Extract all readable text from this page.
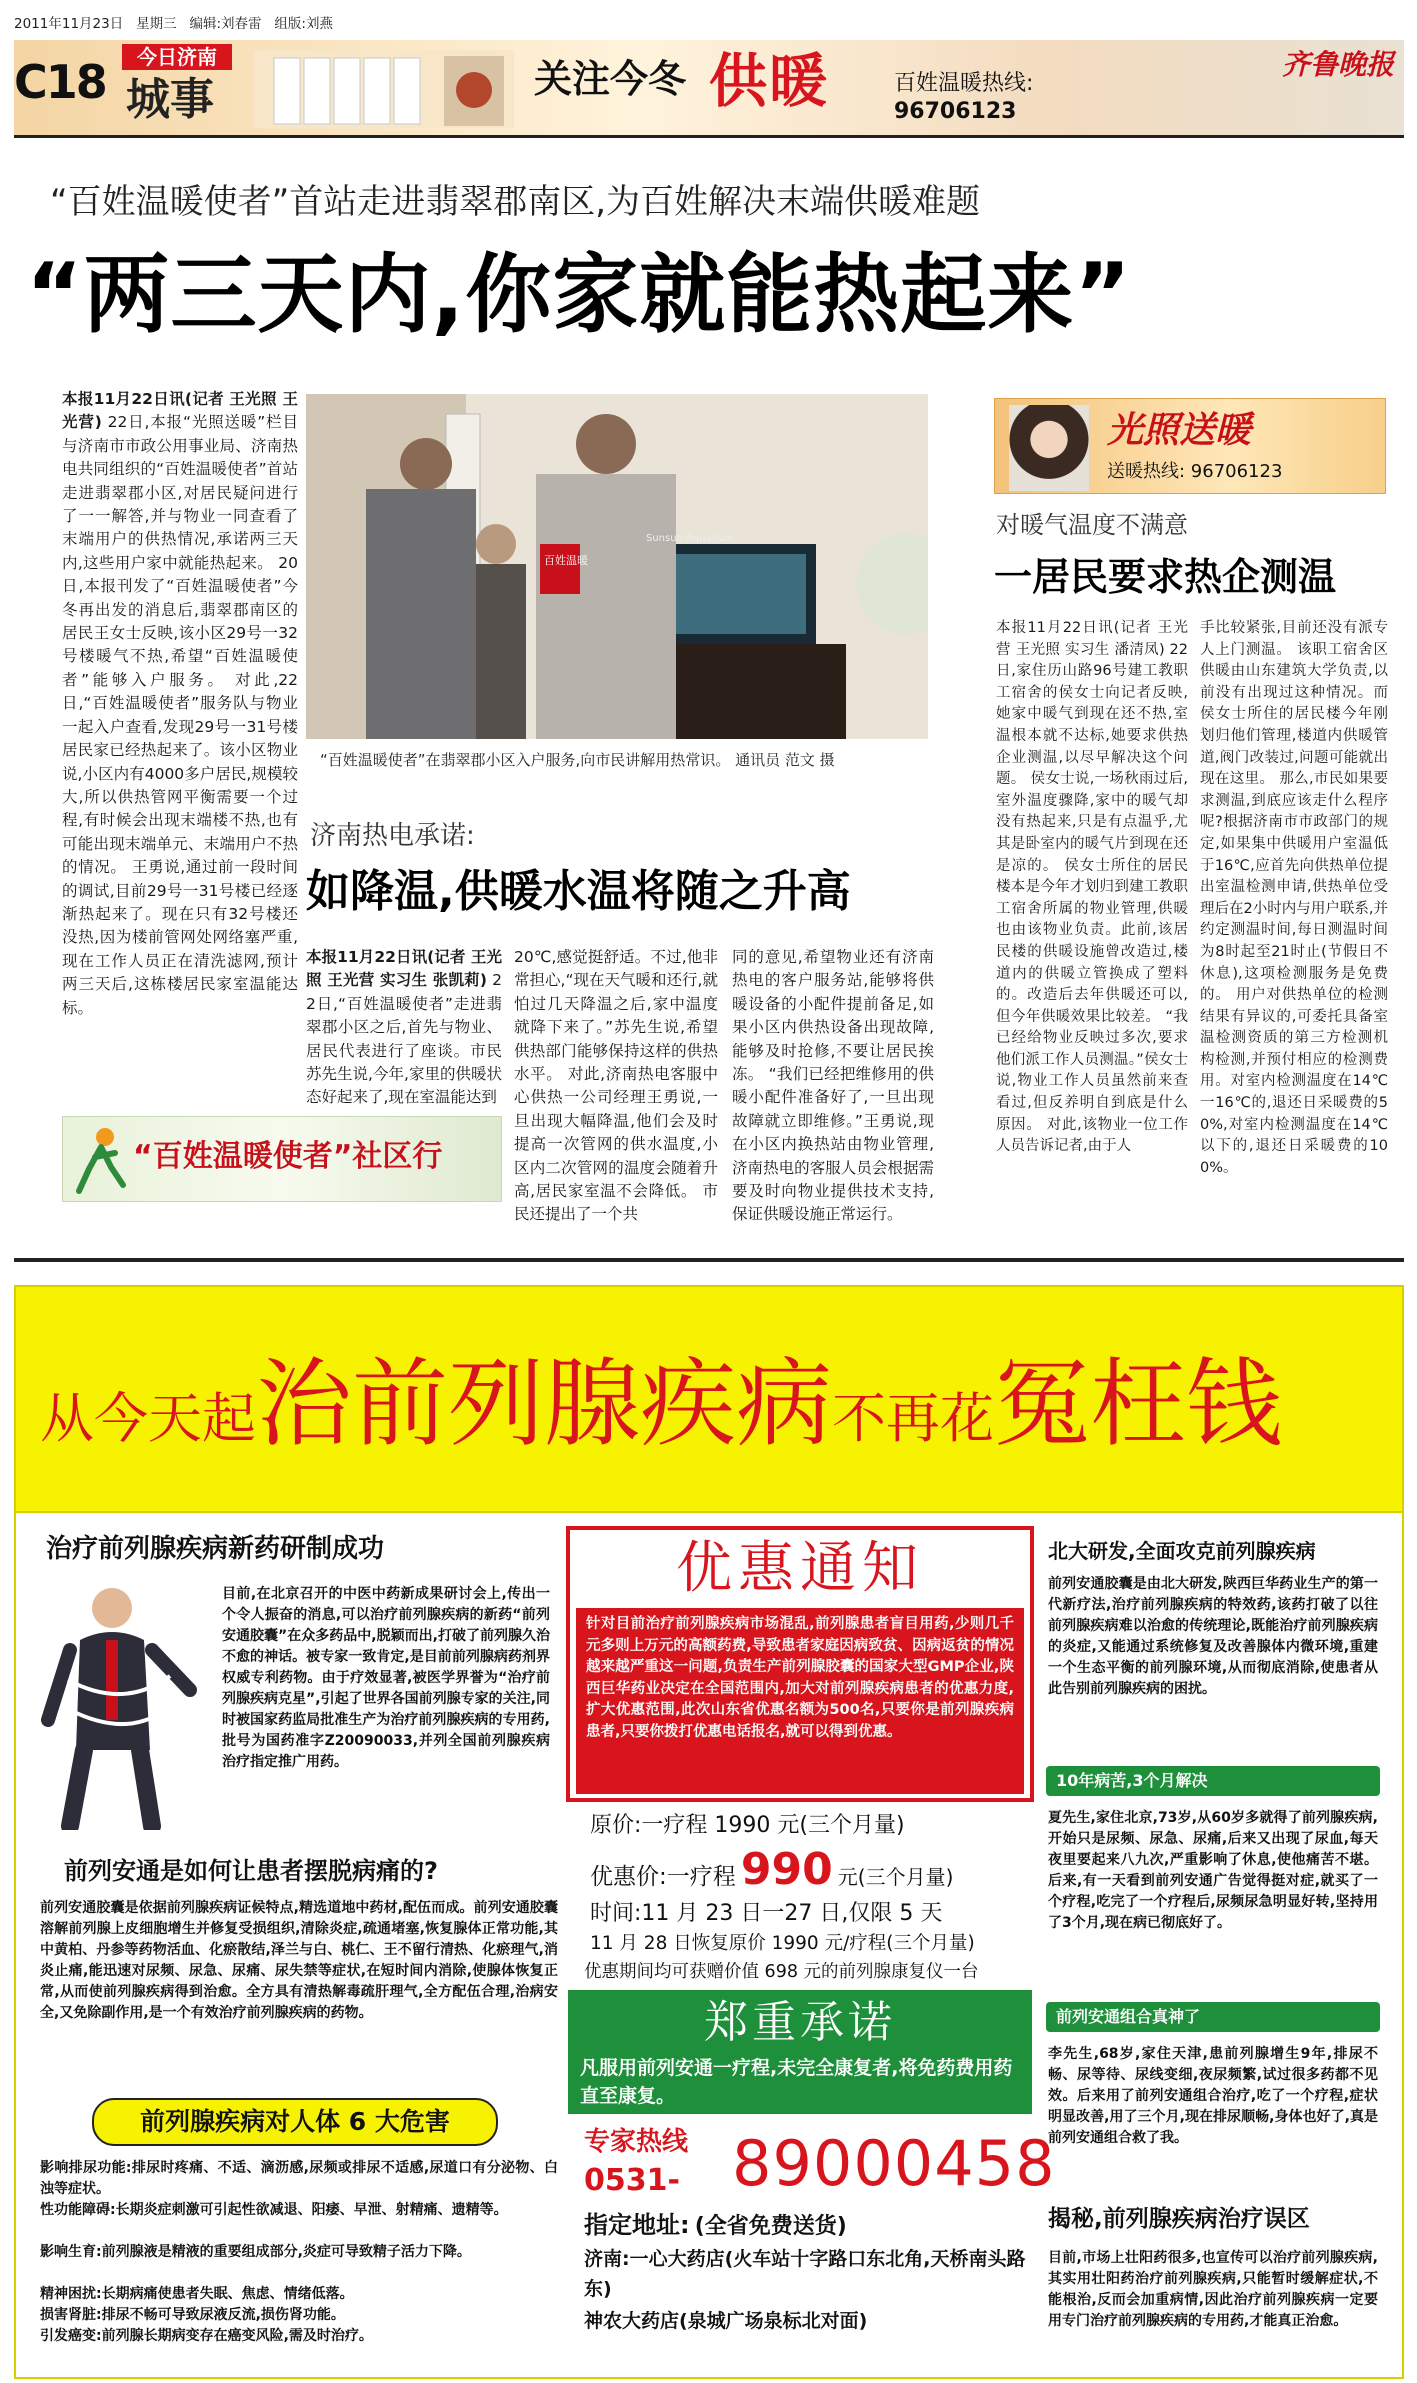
2011年11月23日 星期三 编辑:刘春雷 组版:刘燕
C18	今日济南
城事	关注今冬 供暖	百姓温暖热线:
96706123
齐鲁晚报
“百姓温暖使者”首站走进翡翠郡南区,为百姓解决末端供暖难题
“两三天内,你家就能热起来”
本报11月22日讯(记者 王光照 王光营) 22日,本报“光照送暖”栏目与济南市市政公用事业局、济南热电共同组织的“百姓温暖使者”首站走进翡翠郡小区,对居民疑问进行了一一解答,并与物业一同查看了末端用户的供热情况,承诺两三天内,这些用户家中就能热起来。 20日,本报刊发了“百姓温暖使者”今冬再出发的消息后,翡翠郡南区的居民王女士反映,该小区29号一32号楼暖气不热,希望“百姓温暖使者”能够入户服务。 对此,22日,“百姓温暖使者”服务队与物业一起入户查看,发现29号一31号楼居民家已经热起来了。该小区物业说,小区内有4000多户居民,规模较大,所以供热管网平衡需要一个过程,有时候会出现末端楼不热,也有可能出现末端单元、末端用户不热的情况。 王勇说,通过前一段时间的调试,目前29号一31号楼已经逐渐热起来了。现在只有32号楼还没热,因为楼前管网处网络塞严重,现在工作人员正在清洗滤网,预计两三天后,这栋楼居民家室温能达标。
Sunsun Aquarium
百姓温暖
“百姓温暖使者”在翡翠郡小区入户服务,向市民讲解用热常识。 通讯员 范文 摄
济南热电承诺:
如降温,供暖水温将随之升高
本报11月22日讯(记者 王光照 王光营 实习生 张凯莉) 22日,“百姓温暖使者”走进翡翠郡小区之后,首先与物业、居民代表进行了座谈。市民苏先生说,今年,家里的供暖状态好起来了,现在室温能达到
20℃,感觉挺舒适。不过,他非常担心,“现在天气暖和还行,就怕过几天降温之后,家中温度就降下来了。”苏先生说,希望供热部门能够保持这样的供热水平。 对此,济南热电客服中心供热一公司经理王勇说,一旦出现大幅降温,他们会及时提高一次管网的供水温度,小区内二次管网的温度会随着升高,居民家室温不会降低。 市民还提出了一个共
同的意见,希望物业还有济南热电的客户服务站,能够将供暖设备的小配件提前备足,如果小区内供热设备出现故障,能够及时抢修,不要让居民挨冻。 “我们已经把维修用的供暖小配件准备好了,一旦出现故障就立即维修。”王勇说,现在小区内换热站由物业管理,济南热电的客服人员会根据需要及时向物业提供技术支持,保证供暖设施正常运行。
“百姓温暖使者”社区行
光照送暖
送暖热线: 96706123
对暖气温度不满意
一居民要求热企测温
本报11月22日讯(记者 王光营 王光照 实习生 潘清凤) 22日,家住历山路96号建工教职工宿舍的侯女士向记者反映,她家中暖气到现在还不热,室温根本就不达标,她要求供热企业测温,以尽早解决这个问题。 侯女士说,一场秋雨过后,室外温度骤降,家中的暖气却没有热起来,只是有点温乎,尤其是卧室内的暖气片到现在还是凉的。 侯女士所住的居民楼本是今年才划归到建工教职工宿舍所属的物业管理,供暖也由该物业负责。此前,该居民楼的供暖设施曾改造过,楼道内的供暖立管换成了塑料的。改造后去年供暖还可以,但今年供暖效果比较差。 “我已经给物业反映过多次,要求他们派工作人员测温。”侯女士说,物业工作人员虽然前来查看过,但反养明自到底是什么原因。 对此,该物业一位工作人员告诉记者,由于人
手比较紧张,目前还没有派专人上门测温。 该职工宿舍区供暖由山东建筑大学负责,以前没有出现过这种情况。而侯女士所住的居民楼今年刚划归他们管理,楼道内供暖管道,阀门改装过,问题可能就出现在这里。 那么,市民如果要求测温,到底应该走什么程序呢?根据济南市市政部门的规定,如果集中供暖用户室温低于16℃,应首先向供热单位提出室温检测申请,供热单位受理后在2小时内与用户联系,并约定测温时间,每日测温时间为8时起至21时止(节假日不休息),这项检测服务是免费的。 用户对供热单位的检测结果有异议的,可委托具备室温检测资质的第三方检测机构检测,并预付相应的检测费用。对室内检测温度在14℃一16℃的,退还日采暖费的50%,对室内检测温度在14℃以下的,退还日采暖费的100%。
从今天起治前列腺疾病不再花冤枉钱
治疗前列腺疾病新药研制成功
目前,在北京召开的中医中药新成果研讨会上,传出一个令人振奋的消息,可以治疗前列腺疾病的新药“前列安通胶囊”在众多药品中,脱颖而出,打破了前列腺久治不愈的神话。被专家一致肯定,是目前前列腺病药剂界权威专利药物。由于疗效显著,被医学界誉为“治疗前列腺疾病克星”,引起了世界各国前列腺专家的关注,同时被国家药监局批准生产为治疗前列腺疾病的专用药,批号为国药准字Z20090033,并列全国前列腺疾病治疗指定推广用药。
前列安通是如何让患者摆脱病痛的?
前列安通胶囊是依据前列腺疾病证候特点,精选道地中药材,配伍而成。前列安通胶囊溶解前列腺上皮细胞增生并修复受损组织,清除炎症,疏通堵塞,恢复腺体正常功能,其中黄柏、丹参等药物活血、化瘀散结,泽兰与白、桃仁、王不留行清热、化瘀理气,消炎止痛,能迅速对尿频、尿急、尿痛、尿失禁等症状,在短时间内消除,使腺体恢复正常,从而使前列腺疾病得到治愈。全方具有清热解毒疏肝理气,全方配伍合理,治病安全,又免除副作用,是一个有效治疗前列腺疾病的药物。
前列腺疾病对人体 6 大危害
影响排尿功能:排尿时疼痛、不适、滴沥感,尿频或排尿不适感,尿道口有分泌物、白浊等症状。
性功能障碍:长期炎症刺激可引起性欲减退、阳痿、早泄、射精痛、遗精等。
影响生育:前列腺液是精液的重要组成部分,炎症可导致精子活力下降。
精神困扰:长期病痛使患者失眠、焦虑、情绪低落。
损害肾脏:排尿不畅可导致尿液反流,损伤肾功能。
引发癌变:前列腺长期病变存在癌变风险,需及时治疗。
优惠通知
针对目前治疗前列腺疾病市场混乱,前列腺患者盲目用药,少则几千元多则上万元的高额药费,导致患者家庭因病致贫、因病返贫的情况越来越严重这一问题,负责生产前列腺胶囊的国家大型GMP企业,陕西巨华药业决定在全国范围内,加大对前列腺疾病患者的优惠力度,扩大优惠范围,此次山东省优惠名额为500名,只要你是前列腺疾病患者,只要你拨打优惠电话报名,就可以得到优惠。
原价:一疗程 1990 元(三个月量)
优惠价:一疗程 990 元(三个月量)
时间:11 月 23 日一27 日,仅限 5 天
11 月 28 日恢复原价 1990 元/疗程(三个月量)
优惠期间均可获赠价值 698 元的前列腺康复仪一台
郑重承诺
凡服用前列安通一疗程,未完全康复者,将免药费用药直至康复。
专家热线
0531- 89000458
指定地址: (全省免费送货)
济南:一心大药店(火车站十字路口东北角,天桥南头路东)
神农大药店(泉城广场泉标北对面)
北大研发,全面攻克前列腺疾病
前列安通胶囊是由北大研发,陕西巨华药业生产的第一代新疗法,治疗前列腺疾病的特效药,该药打破了以往前列腺疾病难以治愈的传统理论,既能治疗前列腺疾病的炎症,又能通过系统修复及改善腺体内微环境,重建一个生态平衡的前列腺环境,从而彻底消除,使患者从此告别前列腺疾病的困扰。
10年病苦,3个月解决
夏先生,家住北京,73岁,从60岁多就得了前列腺疾病,开始只是尿频、尿急、尿痛,后来又出现了尿血,每天夜里要起来八九次,严重影响了休息,使他痛苦不堪。后来,有一天看到前列安通广告觉得挺对症,就买了一个疗程,吃完了一个疗程后,尿频尿急明显好转,坚持用了3个月,现在病已彻底好了。
前列安通组合真神了
李先生,68岁,家住天津,患前列腺增生9年,排尿不畅、尿等待、尿线变细,夜尿频繁,试过很多药都不见效。后来用了前列安通组合治疗,吃了一个疗程,症状明显改善,用了三个月,现在排尿顺畅,身体也好了,真是前列安通组合救了我。
揭秘,前列腺疾病治疗误区
目前,市场上壮阳药很多,也宣传可以治疗前列腺疾病,其实用壮阳药治疗前列腺疾病,只能暂时缓解症状,不能根治,反而会加重病情,因此治疗前列腺疾病一定要用专门治疗前列腺疾病的专用药,才能真正治愈。
